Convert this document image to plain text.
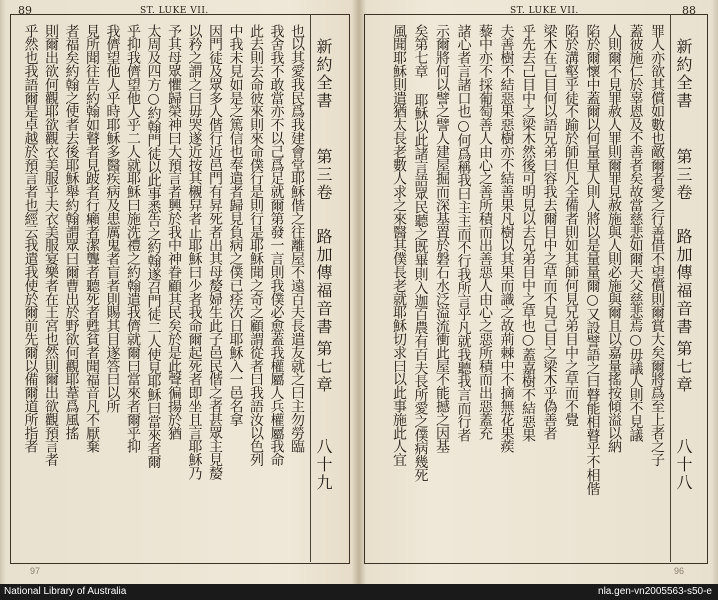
89	ST. LUKE VII.
也以其愛我民爲我建會堂耶穌偕之往離屋不遠百夫長遣友就之曰主勿勞臨
我舍我不敢當亦不以己爲足就爾第發一言則我僕必愈蓋我權屬人兵權屬我命
此去則去命彼來則來命僕行是則行是耶穌聞之奇之顧謂從者曰我語汝以色列
中我未見如是之篤信也奉遣者歸見負病之僕已痊次日耶穌入一邑名拿
因門徒及眾多人偕行近邑門有昇死者出其母嫠婦生此子邑民偕之者甚眾主見嫠
以矜之謂之曰毋哭遂近按其櫬舁者止耶穌曰少者我命爾起死者即坐且言耶穌乃
予其母眾懼歸榮神曰大預言者興於我中神眷顧其民矣於是此聲徧揚於猶
太周及四方○約翰門徒以此事悉告之約翰遂召門徒二人使見耶穌曰當來者爾
乎抑我儕望他人乎二人就耶穌曰施洗禮之約翰遣我儕就爾曰當來者爾乎抑
我儕望他人乎時耶穌多醫疾病及患厲鬼者盲者則賜其目遂答曰以所
見所聞往告約翰如瞽者見跛者行癩者潔聾者聽死者甦貧者聞福音凡不厭棄
者福矣約翰之使者去後耶穌舉約翰謂眾曰爾曹出於野欲何觀耶葦爲風搖
則爾出欲何觀耶欲觀衣美服乎夫衣美服宴樂者在王宮也然則爾出欲觀預言者
乎然也我語爾是卓越於預言者也經云我遣我使於爾前先爾以備爾道所指者	新約全書
第三卷
路加傳福音書
第七章
八十九
97
88
ST. LUKE VII.
罪人亦欲其償如數也敵爾者愛之行善借不望償則爾賞大矣爾將爲至上者之子
蓋彼施仁於辜恩及不善者矣故當慈悲如爾天父慈悲焉○毋議人則不見議
人則爾不見罪赦人罪則爾罪見赦施與人則必施與爾且以嘉量搖按傾溢以納
陷於爾懷中蓋爾以何量量人則人將以是量量爾○又設譬語之曰瞽能相瞽乎不相偕
陷於溝壑乎徒不踰於師但凡全備者則如其師何見兄弟目中之草而不覺
梁木在己目何以語兄弟曰容我去爾目中之草而不見己目之梁木乎偽善者
乎先去己目中之梁木然後可明見以去兄弟目中之草也○蓋嘉樹不結惡果
夫善樹不結惡果惡樹亦不結善果凡樹以其果而識之故荊棘中不摘無花果蒺
藜中亦不採葡萄善人由心之善所積而出善惡人由心之惡所積而出惡蓋充
諸心者言諸口也○何爲稱我曰主主而不行我所言乎凡就我聽我言而行者
示爾將何以譬之譬人建屋掘而深基置於磐石水泛溢流衝此屋不能撼之因基
矣第七章 耶穌以此諸言語眾民聽之既畢則入迦百農有百夫長所愛之僕病幾死
風聞耶穌則遣猶太長老數人求之來醫其僕長老就耶穌切求曰以此事施此人宜	新約全書
第三卷
路加傳福音書
第七章
八十八
96
National Library of Australia	nla.gen-vn2005563-s50-e
